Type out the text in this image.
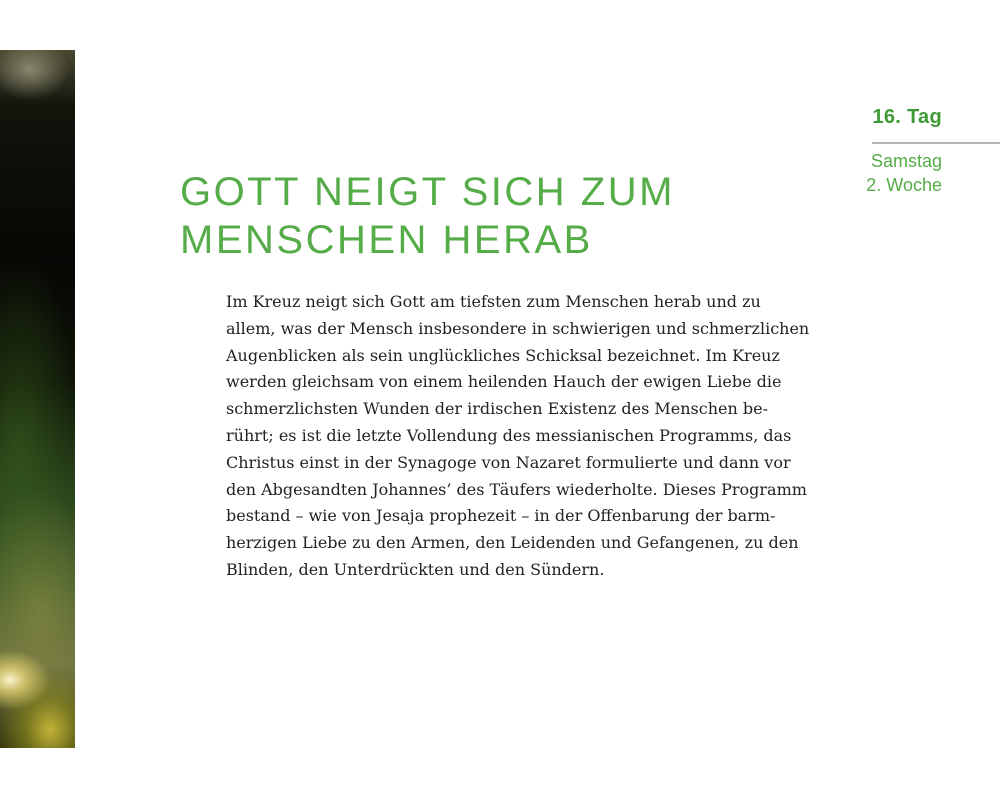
16. Tag
Samstag
2. Woche
GOTT NEIGT SICH ZUM
MENSCHEN HERAB

Im Kreuz neigt sich Gott am tiefsten zum Menschen herab und zu
allem, was der Mensch insbesondere in schwierigen und schmerzlichen
Augenblicken als sein unglückliches Schicksal bezeichnet. Im Kreuz
werden gleichsam von einem heilenden Hauch der ewigen Liebe die
schmerzlichsten Wunden der irdischen Existenz des Menschen be-
rührt; es ist die letzte Vollendung des messianischen Programms, das
Christus einst in der Synagoge von Nazaret formulierte und dann vor
den Abgesandten Johannes’ des Täufers wiederholte. Dieses Programm
bestand – wie von Jesaja prophezeit – in der Offenbarung der barm-
herzigen Liebe zu den Armen, den Leidenden und Gefangenen, zu den
Blinden, den Unterdrückten und den Sündern.
